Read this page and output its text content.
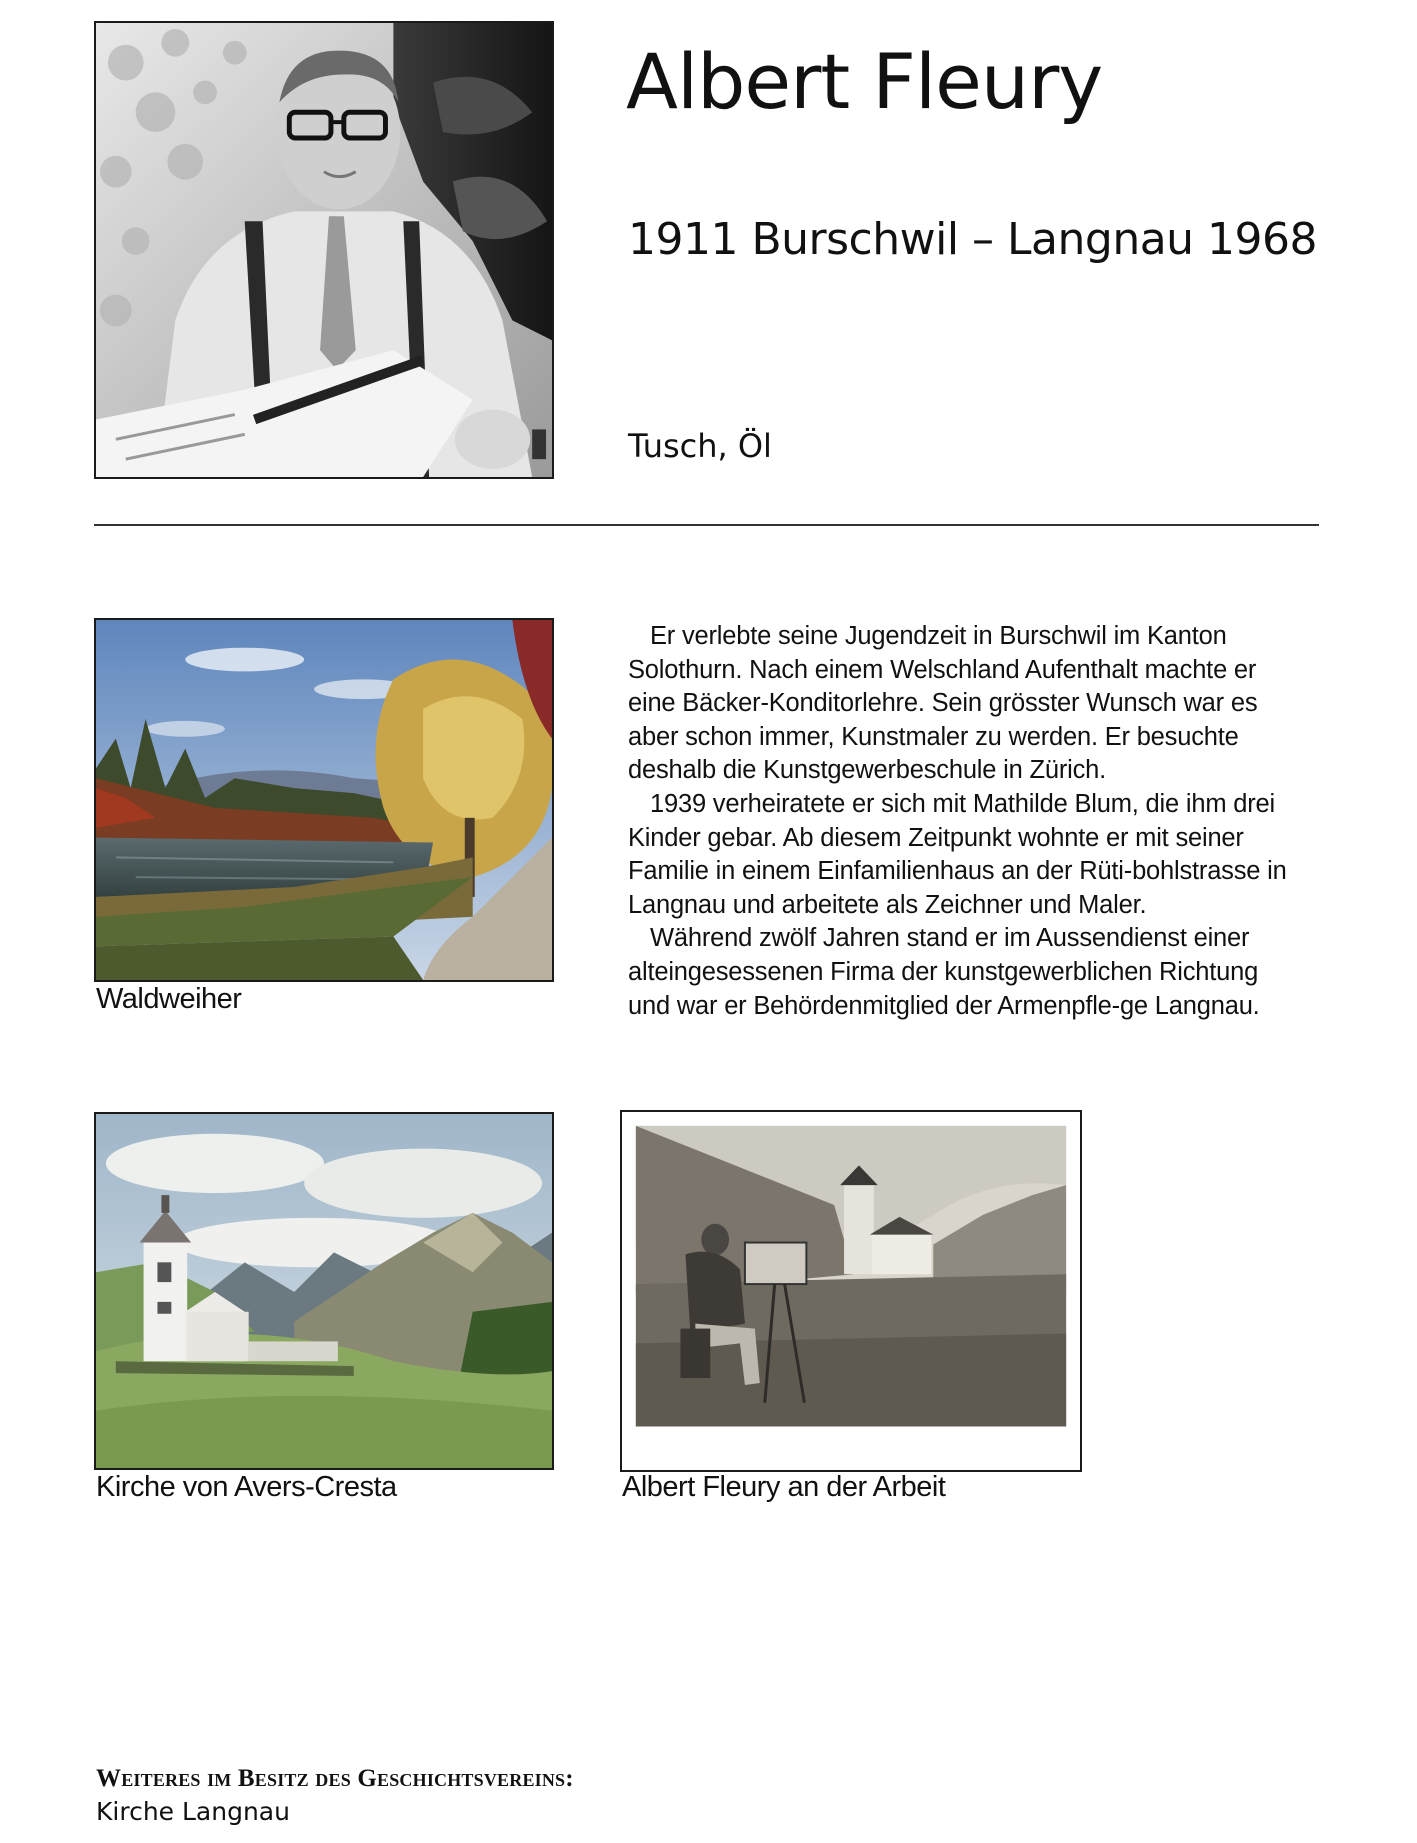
Albert Fleury
1911 Burschwil – Langnau 1968
Tusch, Öl
Waldweiher

Er verlebte seine Jugendzeit in Burschwil im Kanton Solothurn. Nach einem Welschland Aufenthalt machte er eine Bäcker-Konditorlehre. Sein grösster Wunsch war es aber schon immer, Kunstmaler zu werden. Er besuchte deshalb die Kunstgewerbeschule in Zürich.

1939 verheiratete er sich mit Mathilde Blum, die ihm drei Kinder gebar. Ab diesem Zeitpunkt wohnte er mit seiner Familie in einem Einfamilienhaus an der Rüti-bohlstrasse in Langnau und arbeitete als Zeichner und Maler.

Während zwölf Jahren stand er im Aussendienst einer alteingesessenen Firma der kunstgewerblichen Richtung und war er Behördenmitglied der Armenpfle-ge Langnau.

Kirche von Avers-Cresta	Albert Fleury an der Arbeit
Weiteres im Besitz des Geschichtsvereins:
Kirche Langnau
